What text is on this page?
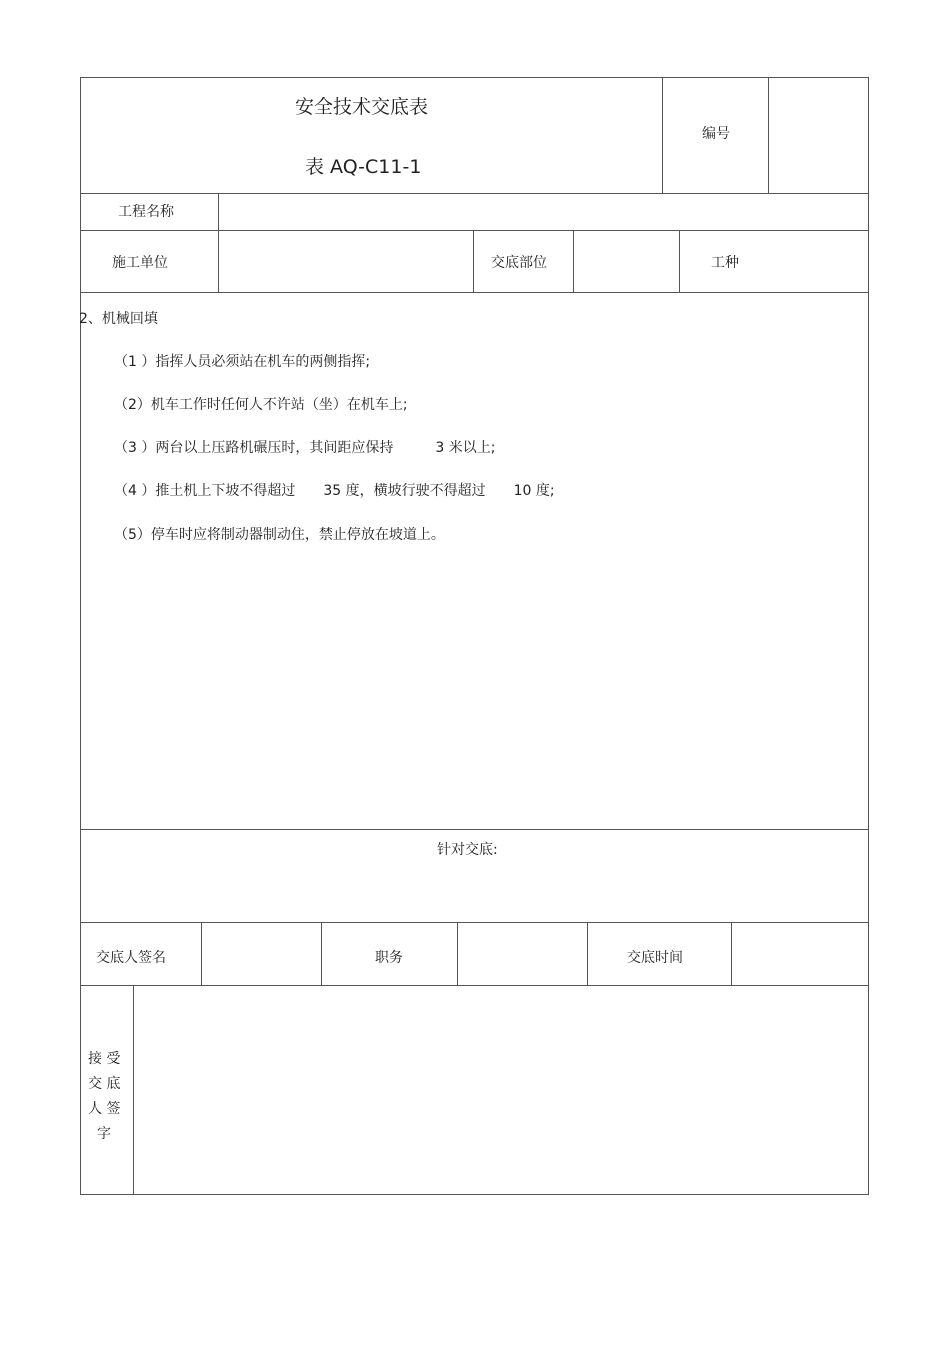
安全技术交底表
表 AQ-C11-1
编号
工程名称
施工单位	交底部位	工种
2、机械回填
（1 ）指挥人员必须站在机车的两侧指挥;
（2）机车工作时任何人不许站（坐）在机车上;
（3 ）两台以上压路机碾压时，其间距应保持　　　3 米以上;
（4 ）推土机上下坡不得超过　　35 度，横坡行驶不得超过　　10 度;
（5）停车时应将制动器制动住，禁止停放在坡道上。
针对交底:
交底人签名	职务	交底时间
接 受
交 底
人 签
字
